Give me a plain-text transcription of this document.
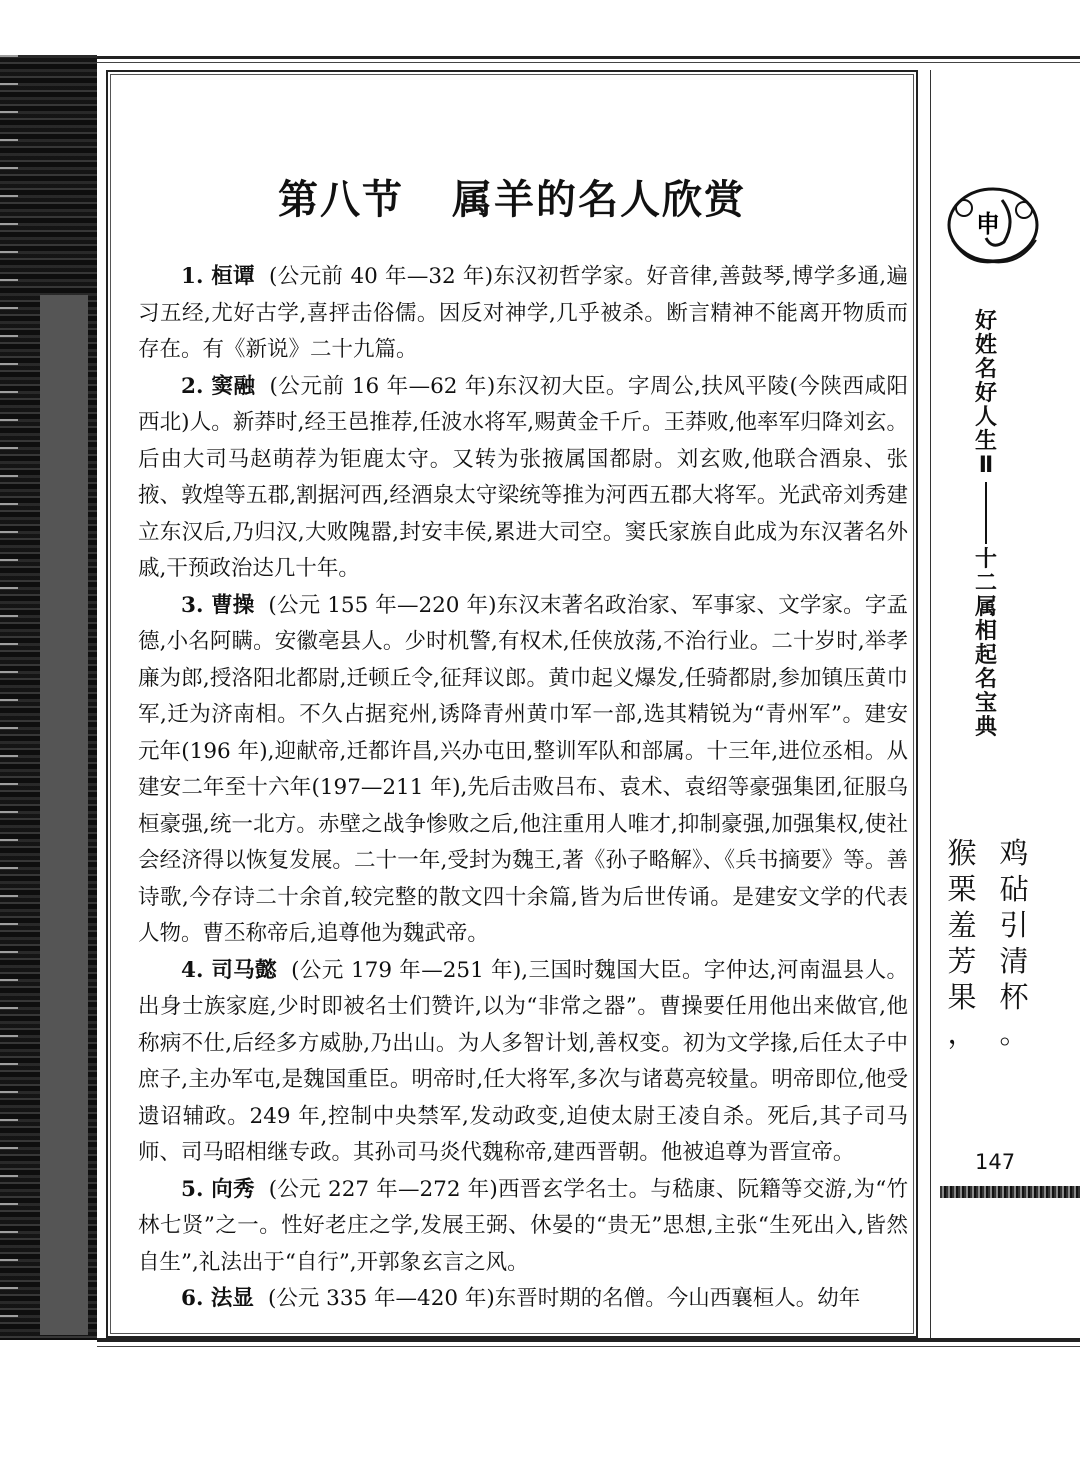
第八节 属羊的名人欣赏

1. 桓谭 (公元前 40 年—32 年)东汉初哲学家。好音律,善鼓琴,博学多通,遍习五经,尤好古学,喜抨击俗儒。因反对神学,几乎被杀。断言精神不能离开物质而存在。有《新说》二十九篇。

2. 窦融 (公元前 16 年—62 年)东汉初大臣。字周公,扶风平陵(今陕西咸阳西北)人。新莽时,经王邑推荐,任波水将军,赐黄金千斤。王莽败,他率军归降刘玄。后由大司马赵萌荐为钜鹿太守。又转为张掖属国都尉。刘玄败,他联合酒泉、张掖、敦煌等五郡,割据河西,经酒泉太守梁统等推为河西五郡大将军。光武帝刘秀建立东汉后,乃归汉,大败隗嚣,封安丰侯,累进大司空。窦氏家族自此成为东汉著名外戚,干预政治达几十年。

3. 曹操 (公元 155 年—220 年)东汉末著名政治家、军事家、文学家。字孟德,小名阿瞒。安徽亳县人。少时机警,有权术,任侠放荡,不治行业。二十岁时,举孝廉为郎,授洛阳北都尉,迁顿丘令,征拜议郎。黄巾起义爆发,任骑都尉,参加镇压黄巾军,迁为济南相。不久占据兖州,诱降青州黄巾军一部,选其精锐为“青州军”。建安元年(196 年),迎献帝,迁都许昌,兴办屯田,整训军队和部属。十三年,进位丞相。从建安二年至十六年(197—211 年),先后击败吕布、袁术、袁绍等豪强集团,征服乌桓豪强,统一北方。赤壁之战争惨败之后,他注重用人唯才,抑制豪强,加强集权,使社会经济得以恢复发展。二十一年,受封为魏王,著《孙子略解》、《兵书摘要》等。善诗歌,今存诗二十余首,较完整的散文四十余篇,皆为后世传诵。是建安文学的代表人物。曹丕称帝后,追尊他为魏武帝。

4. 司马懿 (公元 179 年—251 年),三国时魏国大臣。字仲达,河南温县人。出身士族家庭,少时即被名士们赞许,以为“非常之器”。曹操要任用他出来做官,他称病不仕,后经多方威胁,乃出山。为人多智计划,善权变。初为文学掾,后任太子中庶子,主办军屯,是魏国重臣。明帝时,任大将军,多次与诸葛亮较量。明帝即位,他受遗诏辅政。249 年,控制中央禁军,发动政变,迫使太尉王凌自杀。死后,其子司马师、司马昭相继专政。其孙司马炎代魏称帝,建西晋朝。他被追尊为晋宣帝。

5. 向秀 (公元 227 年—272 年)西晋玄学名士。与嵇康、阮籍等交游,为“竹林七贤”之一。性好老庄之学,发展王弼、休晏的“贵无”思想,主张“生死出入,皆然自生”,礼法出于“自行”,开郭象玄言之风。

6. 法显 (公元 335 年—420 年)东晋时期的名僧。今山西襄桓人。幼年

申
好
姓
名
好
人
生
Ⅱ
十
二
属
相
起
名
宝
典
鸡
砧
引
清
杯
。
猴
栗
羞
芳
果
，
147
